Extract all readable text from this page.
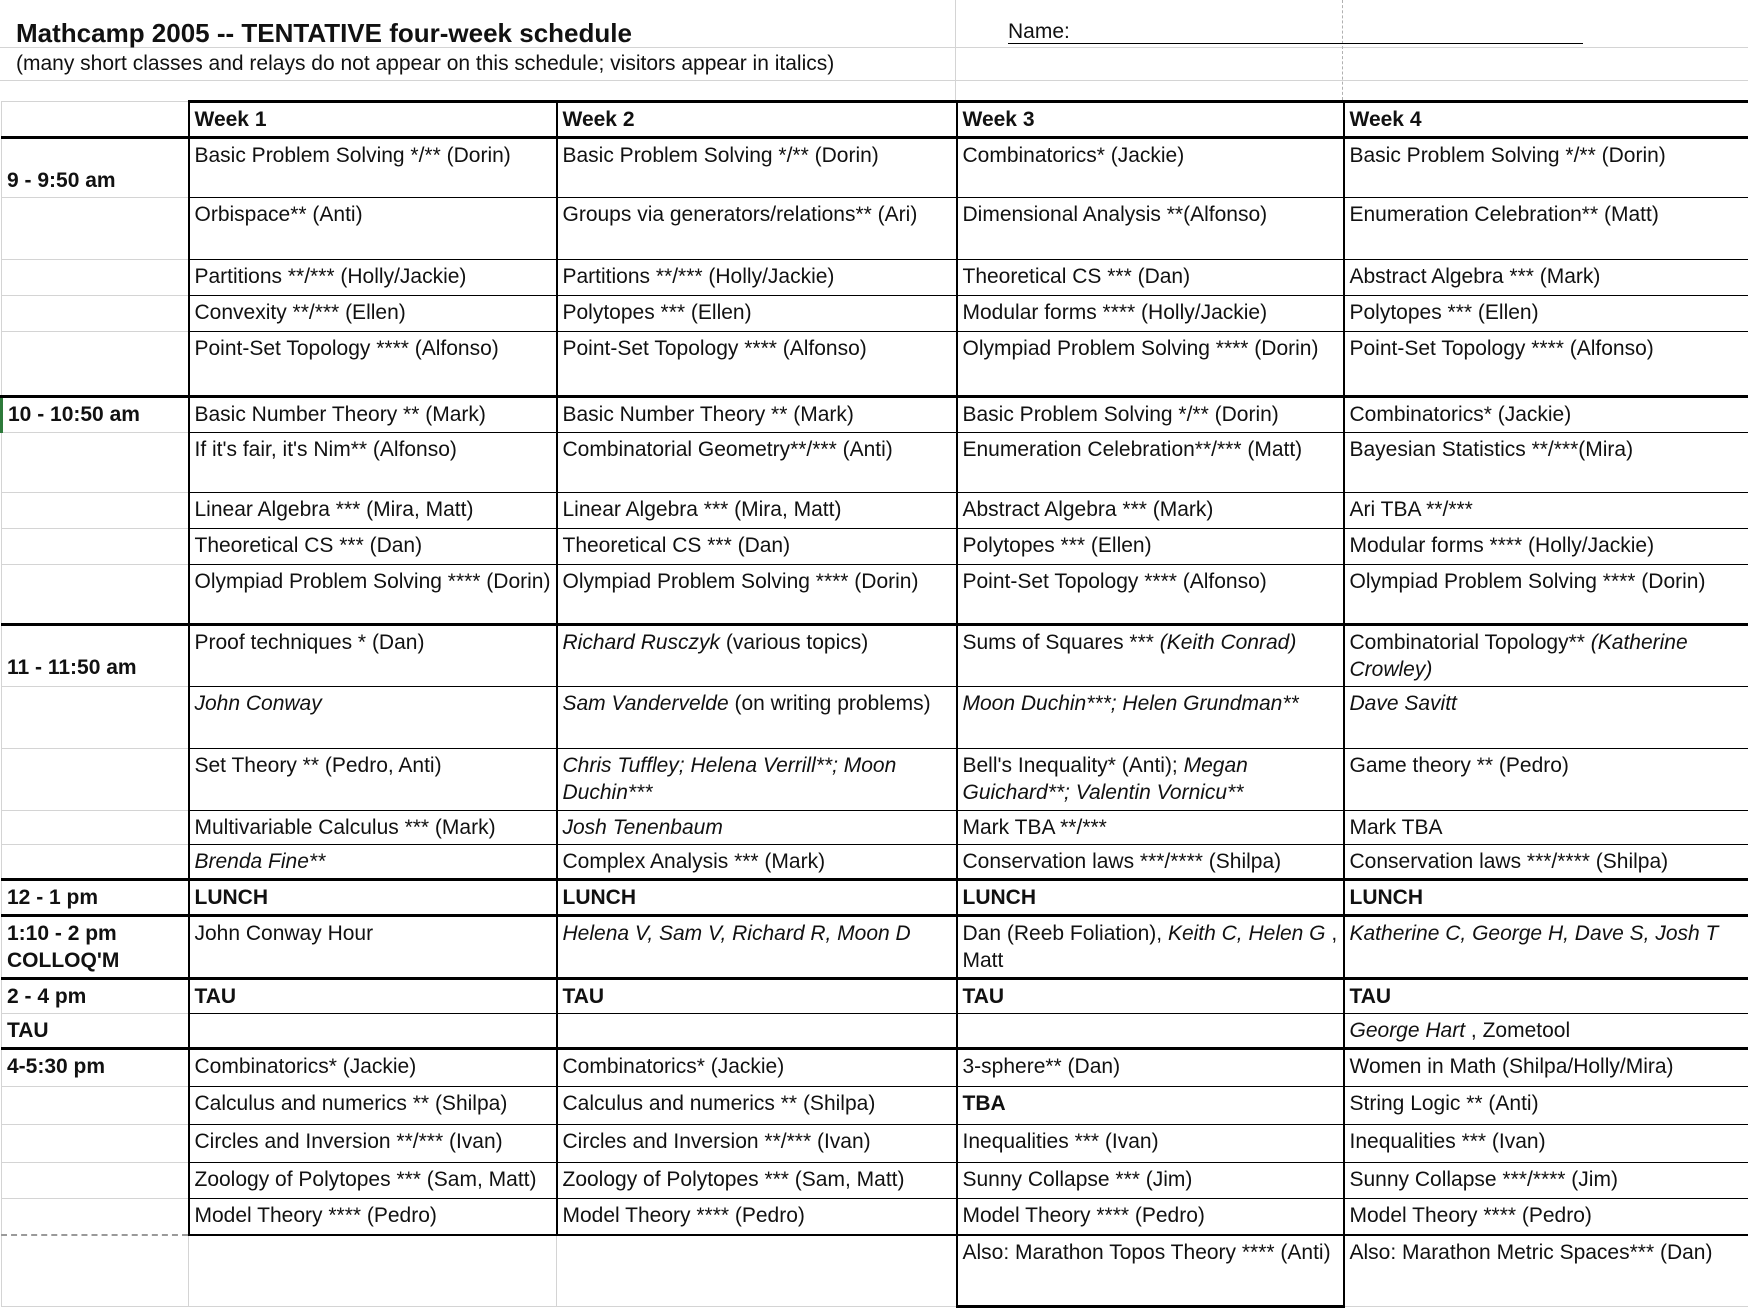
Mathcamp 2005 -- TENTATIVE four-week schedule
(many short classes and relays do not appear on this schedule; visitors appear in italics)
Name:
	Week 1	Week 2	Week 3	Week 4
9 - 9:50 am	Basic Problem Solving */** (Dorin)	Basic Problem Solving */** (Dorin)	Combinatorics* (Jackie)	Basic Problem Solving */** (Dorin)
	Orbispace** (Anti)	Groups via generators/relations** (Ari)	Dimensional Analysis **(Alfonso)	Enumeration Celebration** (Matt)
	Partitions **/*** (Holly/Jackie)	Partitions **/*** (Holly/Jackie)	Theoretical CS *** (Dan)	Abstract Algebra *** (Mark)
	Convexity **/*** (Ellen)	Polytopes *** (Ellen)	Modular forms **** (Holly/Jackie)	Polytopes *** (Ellen)
	Point-Set Topology **** (Alfonso)	Point-Set Topology **** (Alfonso)	Olympiad Problem Solving **** (Dorin)	Point-Set Topology **** (Alfonso)
10 - 10:50 am	Basic Number Theory ** (Mark)	Basic Number Theory ** (Mark)	Basic Problem Solving */** (Dorin)	Combinatorics* (Jackie)
	If it's fair, it's Nim** (Alfonso)	Combinatorial Geometry**/*** (Anti)	Enumeration Celebration**/*** (Matt)	Bayesian Statistics **/***(Mira)
	Linear Algebra *** (Mira, Matt)	Linear Algebra *** (Mira, Matt)	Abstract Algebra *** (Mark)	Ari TBA **/***
	Theoretical CS *** (Dan)	Theoretical CS *** (Dan)	Polytopes *** (Ellen)	Modular forms **** (Holly/Jackie)
	Olympiad Problem Solving **** (Dorin)	Olympiad Problem Solving **** (Dorin)	Point-Set Topology **** (Alfonso)	Olympiad Problem Solving **** (Dorin)
11 - 11:50 am	Proof techniques * (Dan)	Richard Rusczyk (various topics)	Sums of Squares *** (Keith Conrad)	Combinatorial Topology** (Katherine Crowley)
	John Conway	Sam Vandervelde (on writing problems)	Moon Duchin***; Helen Grundman**	Dave Savitt
	Set Theory ** (Pedro, Anti)	Chris Tuffley; Helena Verrill**; Moon Duchin***	Bell's Inequality* (Anti); Megan Guichard**; Valentin Vornicu**	Game theory ** (Pedro)
	Multivariable Calculus *** (Mark)	Josh Tenenbaum	Mark TBA **/***	Mark TBA
	Brenda Fine**	Complex Analysis *** (Mark)	Conservation laws ***/**** (Shilpa)	Conservation laws ***/**** (Shilpa)
12 - 1 pm	LUNCH	LUNCH	LUNCH	LUNCH

1:10 - 2 pm
COLLOQ'M	John Conway Hour	Helena V, Sam V, Richard R, Moon D	Dan (Reeb Foliation), Keith C, Helen G , Matt	Katherine C, George H, Dave S, Josh T
2 - 4 pm	TAU	TAU	TAU	TAU
TAU				George Hart , Zometool
4-5:30 pm	Combinatorics* (Jackie)	Combinatorics* (Jackie)	3-sphere** (Dan)	Women in Math (Shilpa/Holly/Mira)
	Calculus and numerics ** (Shilpa)	Calculus and numerics ** (Shilpa)	TBA	String Logic ** (Anti)
	Circles and Inversion **/*** (Ivan)	Circles and Inversion **/*** (Ivan)	Inequalities *** (Ivan)	Inequalities *** (Ivan)
	Zoology of Polytopes *** (Sam, Matt)	Zoology of Polytopes *** (Sam, Matt)	Sunny Collapse *** (Jim)	Sunny Collapse ***/**** (Jim)
	Model Theory **** (Pedro)	Model Theory **** (Pedro)	Model Theory **** (Pedro)	Model Theory **** (Pedro)
			Also: Marathon Topos Theory **** (Anti)	Also: Marathon Metric Spaces*** (Dan)
